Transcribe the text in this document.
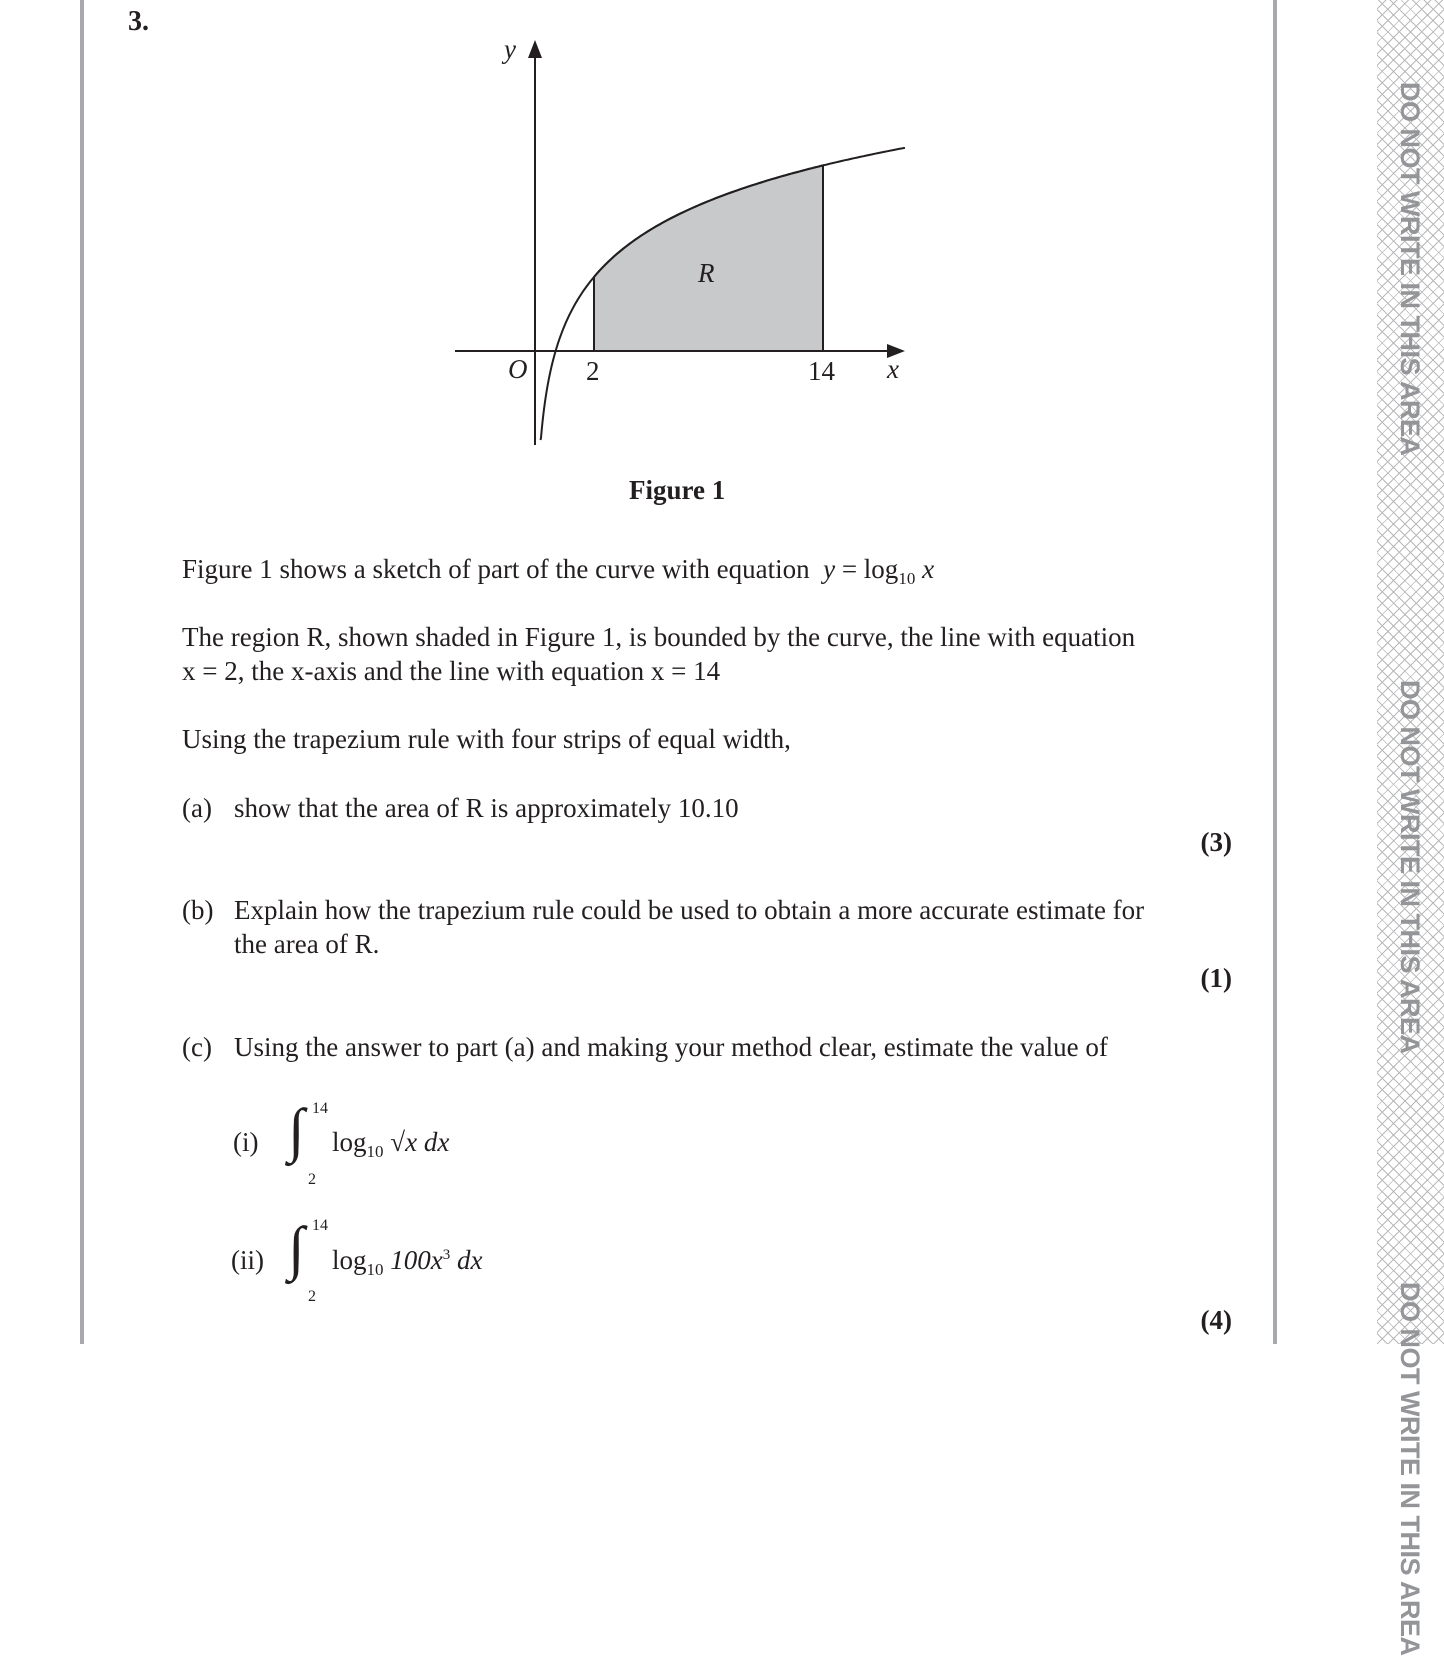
DO NOT WRITE IN THIS AREA
DO NOT WRITE IN THIS AREA
DO NOT WRITE IN THIS AREA
3.
y
x
O 2	14
R
Figure 1
Figure 1 shows a sketch of part of the curve with equation $y = \log_{10} x$
The region R, shown shaded in Figure 1, is bounded by the curve, the line with equation
x = 2, the x-axis and the line with equation x = 14
Using the trapezium rule with four strips of equal width,
(a) show that the area of R is approximately 10.10
(3)
(b) Explain how the trapezium rule could be used to obtain a more accurate estimate for
the area of R.
(1)
(c) Using the answer to part (a) and making your method clear, estimate the value of
(i) ∫ 14
2
$\log_{10} √x$ dx
(ii) ∫ 14
2
$\log_{10} 100x^3$ dx
(4)
